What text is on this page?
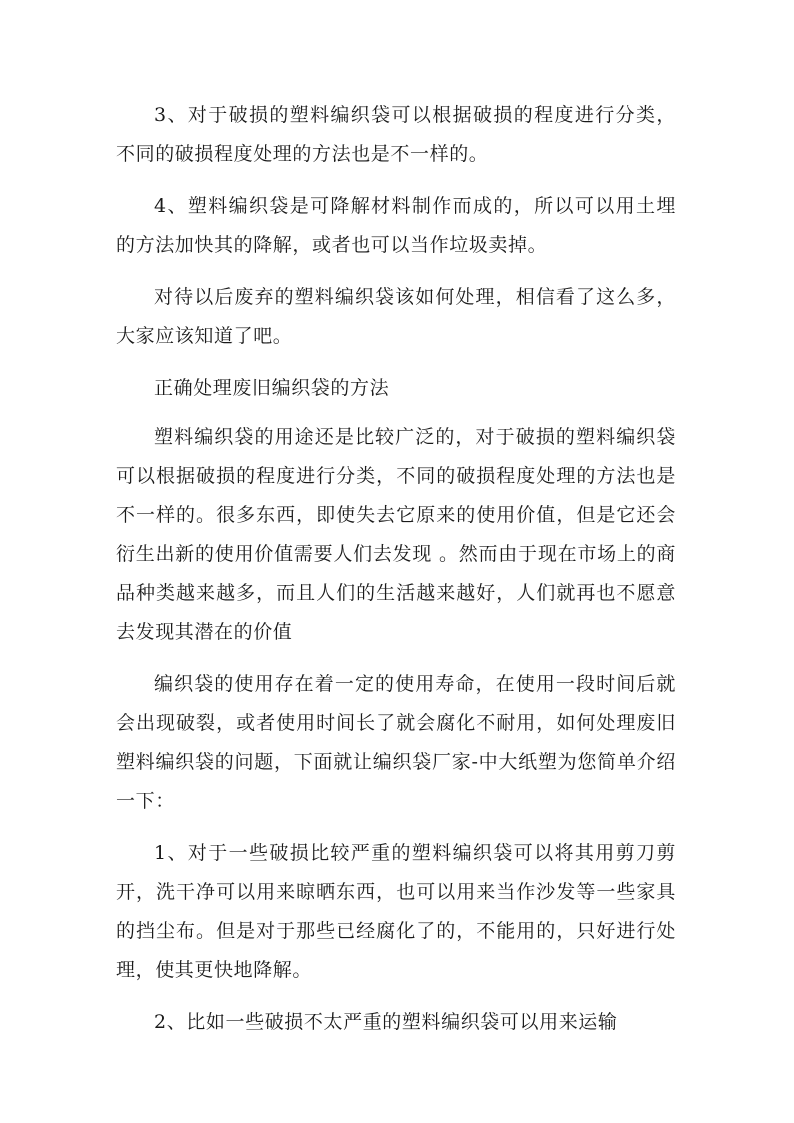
3、对于破损的塑料编织袋可以根据破损的程度进行分类，不同的破损程度处理的方法也是不一样的。

4、塑料编织袋是可降解材料制作而成的，所以可以用土埋的方法加快其的降解，或者也可以当作垃圾卖掉。

对待以后废弃的塑料编织袋该如何处理，相信看了这么多，大家应该知道了吧。

正确处理废旧编织袋的方法

塑料编织袋的用途还是比较广泛的，对于破损的塑料编织袋可以根据破损的程度进行分类，不同的破损程度处理的方法也是不一样的。很多东西，即使失去它原来的使用价值，但是它还会衍生出新的使用价值需要人们去发现 。然而由于现在市场上的商品种类越来越多，而且人们的生活越来越好，人们就再也不愿意去发现其潜在的价值

编织袋的使用存在着一定的使用寿命，在使用一段时间后就会出现破裂，或者使用时间长了就会腐化不耐用，如何处理废旧塑料编织袋的问题，下面就让编织袋厂家-中大纸塑为您简单介绍一下：

1、对于一些破损比较严重的塑料编织袋可以将其用剪刀剪开，洗干净可以用来晾晒东西，也可以用来当作沙发等一些家具的挡尘布。但是对于那些已经腐化了的，不能用的，只好进行处理，使其更快地降解。

2、比如一些破损不太严重的塑料编织袋可以用来运输
